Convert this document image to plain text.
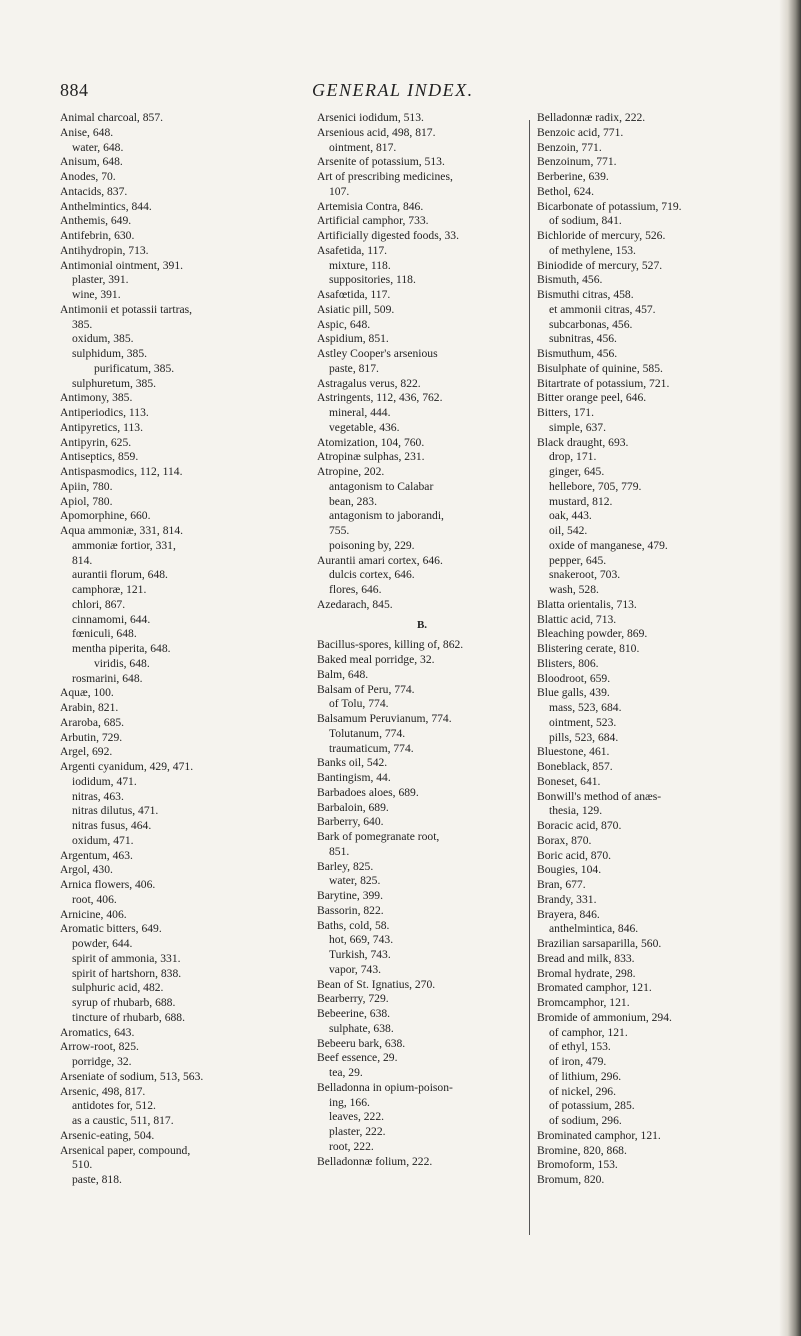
884	GENERAL INDEX.
Animal charcoal, 857.
Anise, 648.
water, 648.
Anisum, 648.
Anodes, 70.
Antacids, 837.
Anthelmintics, 844.
Anthemis, 649.
Antifebrin, 630.
Antihydropin, 713.
Antimonial ointment, 391.
plaster, 391.
wine, 391.
Antimonii et potassii tartras,
385.
oxidum, 385.
sulphidum, 385.
purificatum, 385.
sulphuretum, 385.
Antimony, 385.
Antiperiodics, 113.
Antipyretics, 113.
Antipyrin, 625.
Antiseptics, 859.
Antispasmodics, 112, 114.
Apiin, 780.
Apiol, 780.
Apomorphine, 660.
Aqua ammoniæ, 331, 814.
ammoniæ fortior, 331,
814.
aurantii florum, 648.
camphoræ, 121.
chlori, 867.
cinnamomi, 644.
fœniculi, 648.
mentha piperita, 648.
viridis, 648.
rosmarini, 648.
Aquæ, 100.
Arabin, 821.
Araroba, 685.
Arbutin, 729.
Argel, 692.
Argenti cyanidum, 429, 471.
iodidum, 471.
nitras, 463.
nitras dilutus, 471.
nitras fusus, 464.
oxidum, 471.
Argentum, 463.
Argol, 430.
Arnica flowers, 406.
root, 406.
Arnicine, 406.
Aromatic bitters, 649.
powder, 644.
spirit of ammonia, 331.
spirit of hartshorn, 838.
sulphuric acid, 482.
syrup of rhubarb, 688.
tincture of rhubarb, 688.
Aromatics, 643.
Arrow-root, 825.
porridge, 32.
Arseniate of sodium, 513, 563.
Arsenic, 498, 817.
antidotes for, 512.
as a caustic, 511, 817.
Arsenic-eating, 504.
Arsenical paper, compound,
510.
paste, 818.
Arsenici iodidum, 513.
Arsenious acid, 498, 817.
ointment, 817.
Arsenite of potassium, 513.
Art of prescribing medicines,
107.
Artemisia Contra, 846.
Artificial camphor, 733.
Artificially digested foods, 33.
Asafetida, 117.
mixture, 118.
suppositories, 118.
Asafœtida, 117.
Asiatic pill, 509.
Aspic, 648.
Aspidium, 851.
Astley Cooper's arsenious
paste, 817.
Astragalus verus, 822.
Astringents, 112, 436, 762.
mineral, 444.
vegetable, 436.
Atomization, 104, 760.
Atropinæ sulphas, 231.
Atropine, 202.
antagonism to Calabar
bean, 283.
antagonism to jaborandi,
755.
poisoning by, 229.
Aurantii amari cortex, 646.
dulcis cortex, 646.
flores, 646.
Azedarach, 845.
B.
Bacillus-spores, killing of, 862.
Baked meal porridge, 32.
Balm, 648.
Balsam of Peru, 774.
of Tolu, 774.
Balsamum Peruvianum, 774.
Tolutanum, 774.
traumaticum, 774.
Banks oil, 542.
Bantingism, 44.
Barbadoes aloes, 689.
Barbaloin, 689.
Barberry, 640.
Bark of pomegranate root,
851.
Barley, 825.
water, 825.
Barytine, 399.
Bassorin, 822.
Baths, cold, 58.
hot, 669, 743.
Turkish, 743.
vapor, 743.
Bean of St. Ignatius, 270.
Bearberry, 729.
Bebeerine, 638.
sulphate, 638.
Bebeeru bark, 638.
Beef essence, 29.
tea, 29.
Belladonna in opium-poison-
ing, 166.
leaves, 222.
plaster, 222.
root, 222.
Belladonnæ folium, 222.
Belladonnæ radix, 222.
Benzoic acid, 771.
Benzoin, 771.
Benzoinum, 771.
Berberine, 639.
Bethol, 624.
Bicarbonate of potassium, 719.
of sodium, 841.
Bichloride of mercury, 526.
of methylene, 153.
Biniodide of mercury, 527.
Bismuth, 456.
Bismuthi citras, 458.
et ammonii citras, 457.
subcarbonas, 456.
subnitras, 456.
Bismuthum, 456.
Bisulphate of quinine, 585.
Bitartrate of potassium, 721.
Bitter orange peel, 646.
Bitters, 171.
simple, 637.
Black draught, 693.
drop, 171.
ginger, 645.
hellebore, 705, 779.
mustard, 812.
oak, 443.
oil, 542.
oxide of manganese, 479.
pepper, 645.
snakeroot, 703.
wash, 528.
Blatta orientalis, 713.
Blattic acid, 713.
Bleaching powder, 869.
Blistering cerate, 810.
Blisters, 806.
Bloodroot, 659.
Blue galls, 439.
mass, 523, 684.
ointment, 523.
pills, 523, 684.
Bluestone, 461.
Boneblack, 857.
Boneset, 641.
Bonwill's method of anæs-
thesia, 129.
Boracic acid, 870.
Borax, 870.
Boric acid, 870.
Bougies, 104.
Bran, 677.
Brandy, 331.
Brayera, 846.
anthelmintica, 846.
Brazilian sarsaparilla, 560.
Bread and milk, 833.
Bromal hydrate, 298.
Bromated camphor, 121.
Bromcamphor, 121.
Bromide of ammonium, 294.
of camphor, 121.
of ethyl, 153.
of iron, 479.
of lithium, 296.
of nickel, 296.
of potassium, 285.
of sodium, 296.
Brominated camphor, 121.
Bromine, 820, 868.
Bromoform, 153.
Bromum, 820.
